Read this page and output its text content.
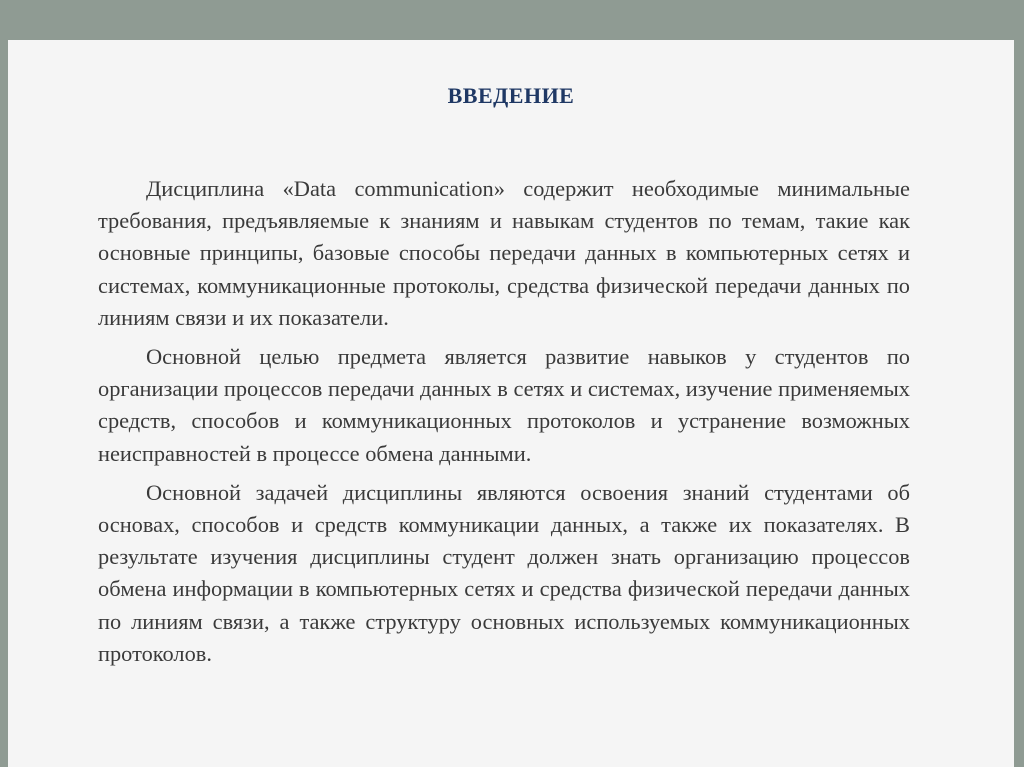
ВВЕДЕНИЕ

Дисциплина «Data communication» содержит необходимые минимальные требования, предъявляемые к знаниям и навыкам студентов по темам, такие как основные принципы, базовые способы передачи данных в компьютерных сетях и системах, коммуникационные протоколы, средства физической передачи данных по линиям связи и их показатели.

Основной целью предмета является развитие навыков у студентов по организации процессов передачи данных в сетях и системах, изучение применяемых средств, способов и коммуникационных протоколов и устранение возможных неисправностей в процессе обмена данными.

Основной задачей дисциплины являются освоения знаний студентами об основах, способов и средств коммуникации данных, а также их показателях. В результате изучения дисциплины студент должен знать организацию процессов обмена информации в компьютерных сетях и средства физической передачи данных по линиям связи, а также структуру основных используемых коммуникационных протоколов.
